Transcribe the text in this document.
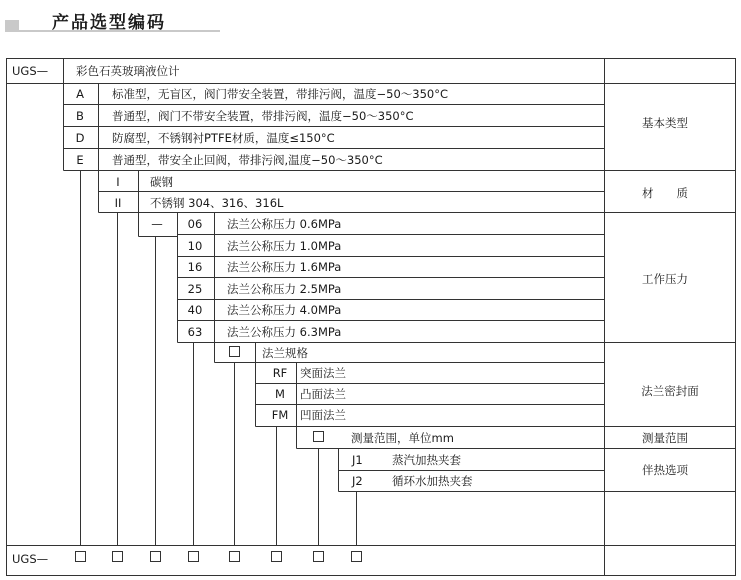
产品选型编码
UGS— 彩色石英玻璃液位计
A 标准型，无盲区，阀门带安全装置，带排污阀，温度−50～350°C
B 普通型，阀门不带安全装置，带排污阀，温度−50～350°C
D 防腐型，不锈钢衬PTFE材质，温度≤150°C
E 普通型，带安全止回阀，带排污阀,温度−50～350°C
基本类型
I	碳钢
II 不锈钢 304、316、316L
材　　质
— 06 法兰公称压力 0.6MPa
10 法兰公称压力 1.0MPa
16 法兰公称压力 1.6MPa
25 法兰公称压力 2.5MPa
40 法兰公称压力 4.0MPa
63 法兰公称压力 6.3MPa
工作压力
法兰规格
RF 突面法兰
M 凸面法兰
FM 凹面法兰
法兰密封面
测量范围，单位mm	测量范围
J1	蒸汽加热夹套
J2	循环水加热夹套
伴热选项
UGS—
